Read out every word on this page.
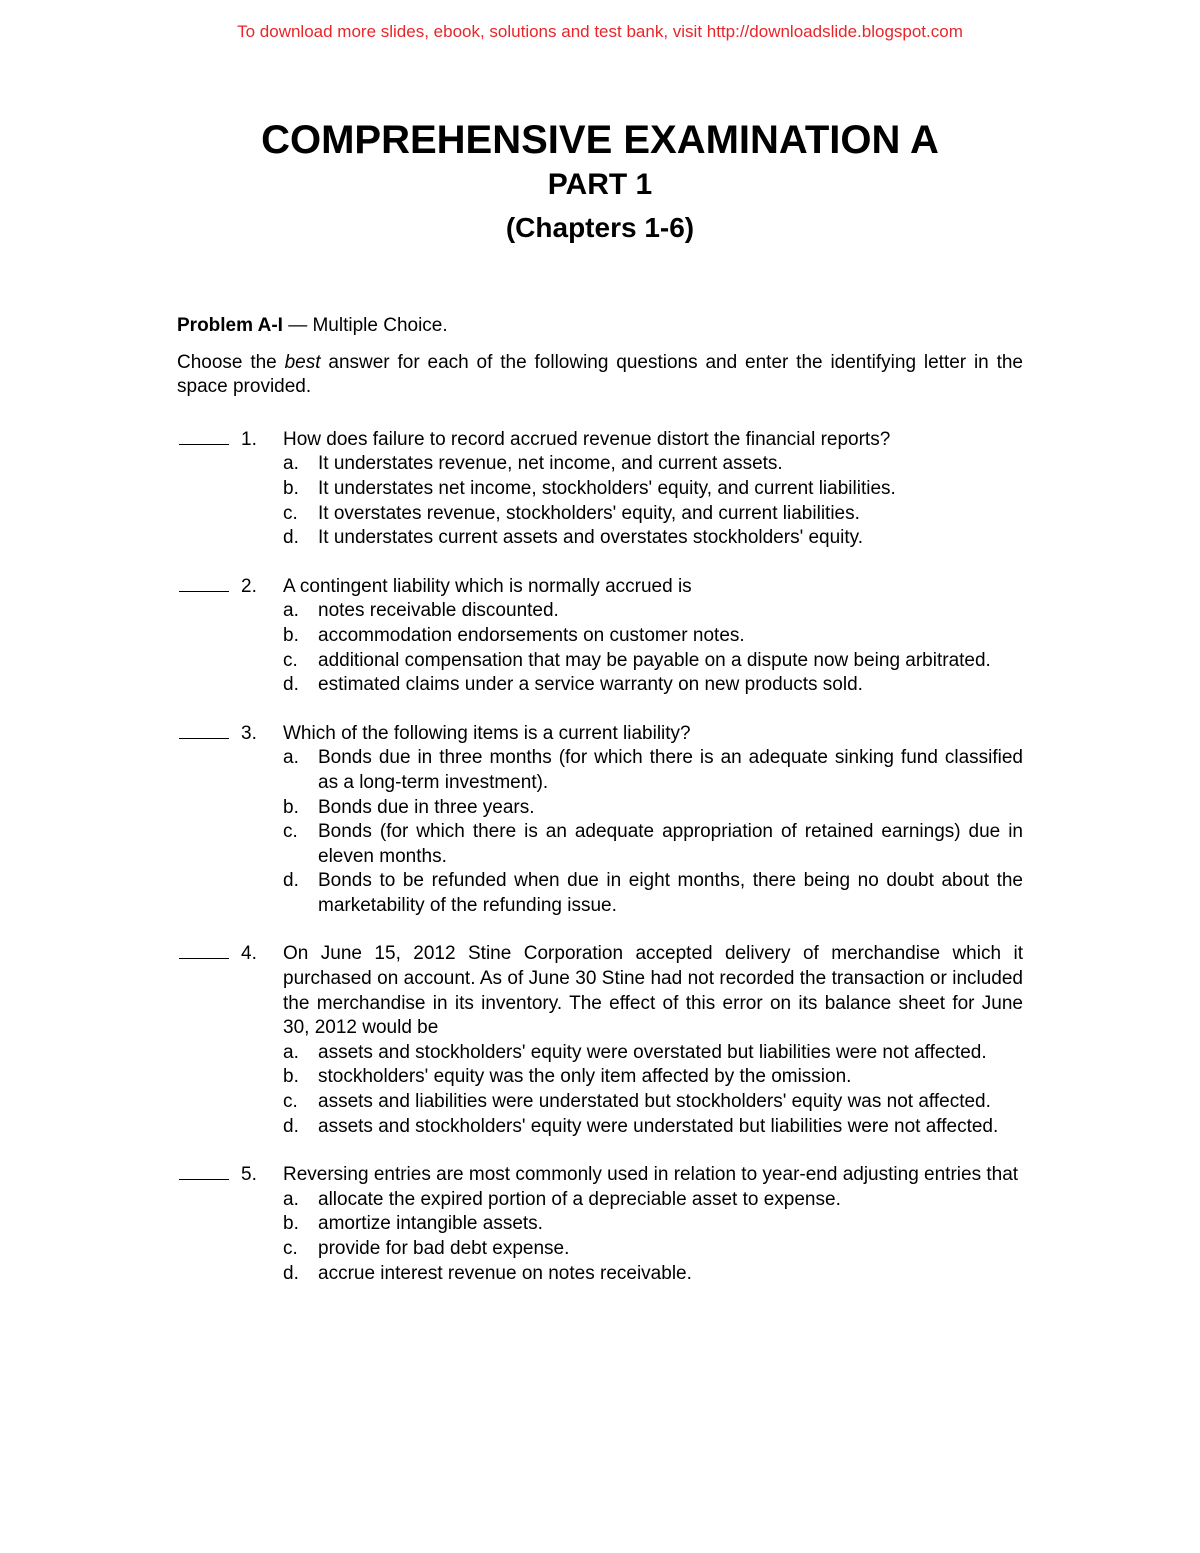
To download more slides, ebook, solutions and test bank, visit http://downloadslide.blogspot.com
COMPREHENSIVE EXAMINATION A
PART 1
(Chapters 1-6)

Problem A-I — Multiple Choice.

Choose the best answer for each of the following questions and enter the identifying letter in the space provided.

1. How does failure to record accrued revenue distort the financial reports?
a. It understates revenue, net income, and current assets.
b. It understates net income, stockholders' equity, and current liabilities.
c. It overstates revenue, stockholders' equity, and current liabilities.
d. It understates current assets and overstates stockholders' equity.
2. A contingent liability which is normally accrued is
a. notes receivable discounted.
b. accommodation endorsements on customer notes.
c. additional compensation that may be payable on a dispute now being arbitrated.
d. estimated claims under a service warranty on new products sold.
3. Which of the following items is a current liability?
a. Bonds due in three months (for which there is an adequate sinking fund classified as a long-term investment).
b. Bonds due in three years.
c. Bonds (for which there is an adequate appropriation of retained earnings) due in eleven months.
d. Bonds to be refunded when due in eight months, there being no doubt about the marketability of the refunding issue.
4. On June 15, 2012 Stine Corporation accepted delivery of merchandise which it purchased on account. As of June 30 Stine had not recorded the transaction or included the merchandise in its inventory. The effect of this error on its balance sheet for June 30, 2012 would be
a. assets and stockholders' equity were overstated but liabilities were not affected.
b. stockholders' equity was the only item affected by the omission.
c. assets and liabilities were understated but stockholders' equity was not affected.
d. assets and stockholders' equity were understated but liabilities were not affected.
5. Reversing entries are most commonly used in relation to year-end adjusting entries that
a. allocate the expired portion of a depreciable asset to expense.
b. amortize intangible assets.
c. provide for bad debt expense.
d. accrue interest revenue on notes receivable.
